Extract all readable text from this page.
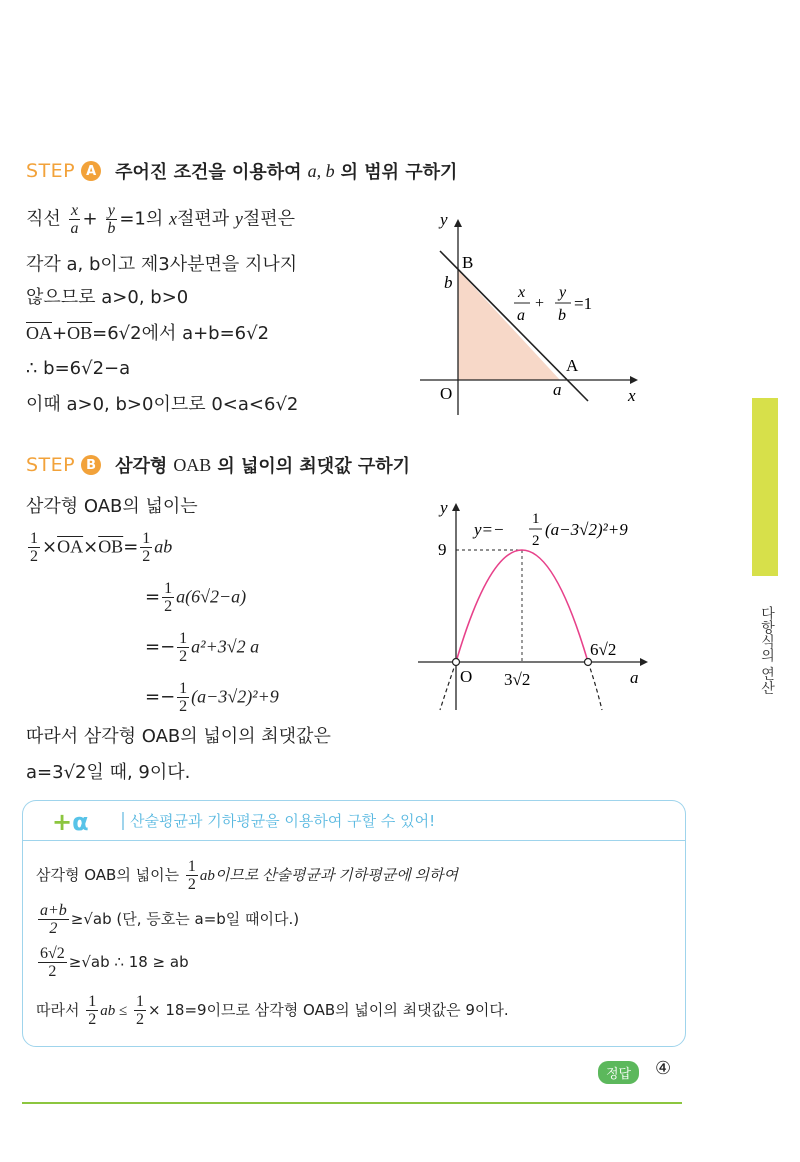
STEP A 주어진 조건을 이용하여 a, b 의 범위 구하기
직선 $\frac{x}{a} + \frac{y}{b} =1$의 x절편과 y절편은
각각 a, b이고 제3사분면을 지나지
않으므로 a>0, b>0
$\overline{OA}+\overline{OB}=6√2$에서 a+b=6√2
∴ b=6√2−a
이때 a>0, b>0이므로 0<a<6√2
y
x
O
B
b
A
a
x
a
+
y
b
=1
STEP B 삼각형 OAB 의 넓이의 최댓값 구하기
삼각형 OAB의 넓이는
$\frac{1}{2} \times\overline{OA}\times\overline{OB}= \frac{1}{2}$ ab
= $\frac{1}{2} a(6√2-a)$
=− $\frac{1}{2} a^2+3√2$ a
=− $\frac{1}{2} (a-3√2)^2+9$
따라서 삼각형 OAB의 넓이의 최댓값은
a=3√2일 때, 9이다.
y
a
O
9
3√2
6√2
y=−
1
2
(a−3√2)²+9	70
다항식의 연산
+α	산술평균과 기하평균을 이용하여 구할 수 있어!
삼각형 OAB의 넓이는 $\frac{1}{2}$ ab이므로 산술평균과 기하평균에 의하여
$\frac{a+b}{2} \ge√ab$ (단, 등호는 a=b일 때이다.)
$\frac{6√2}{2} \ge√ab$ ∴ 18 ≥ ab
따라서 $\frac{1}{2}$ ab ≤ $\frac{1}{2} \times 18=9$이므로 삼각형 OAB의 넓이의 최댓값은 9이다.
정답	④
